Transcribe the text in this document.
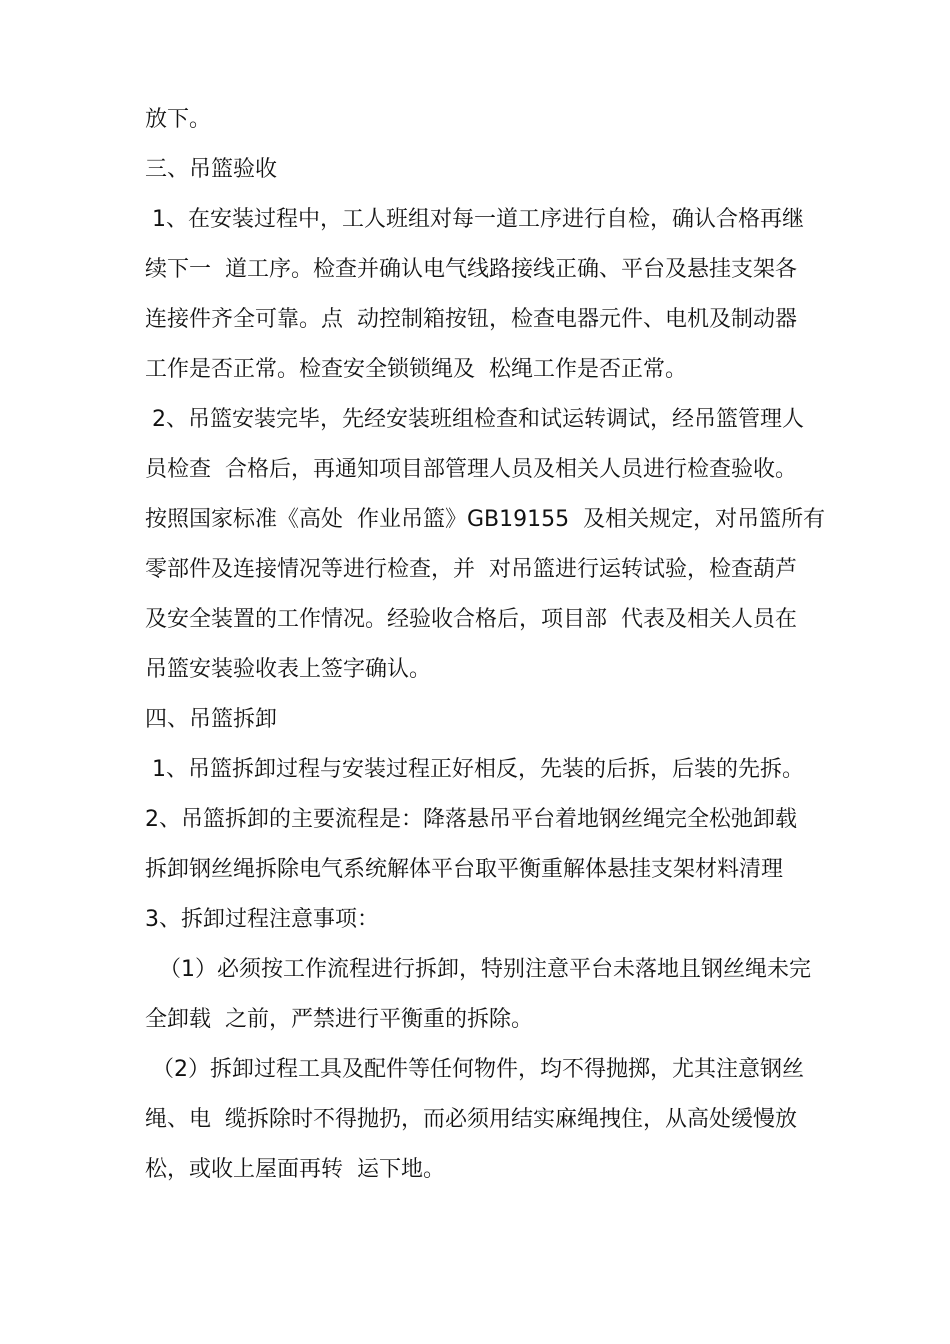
放下。
三、吊篮验收
1、在安装过程中，工人班组对每一道工序进行自检，确认合格再继
续下一  道工序。检查并确认电气线路接线正确、平台及悬挂支架各
连接件齐全可靠。点  动控制箱按钮，检查电器元件、电机及制动器
工作是否正常。检查安全锁锁绳及  松绳工作是否正常。
2、吊篮安装完毕，先经安装班组检查和试运转调试，经吊篮管理人
员检查  合格后，再通知项目部管理人员及相关人员进行检查验收。
按照国家标准《高处  作业吊篮》GB19155  及相关规定，对吊篮所有
零部件及连接情况等进行检查，并  对吊篮进行运转试验，检查葫芦
及安全装置的工作情况。经验收合格后，项目部  代表及相关人员在
吊篮安装验收表上签字确认。
四、吊篮拆卸
1、吊篮拆卸过程与安装过程正好相反，先装的后拆，后装的先拆。
2、吊篮拆卸的主要流程是：降落悬吊平台着地钢丝绳完全松弛卸载
拆卸钢丝绳拆除电气系统解体平台取平衡重解体悬挂支架材料清理
3、拆卸过程注意事项：
（1）必须按工作流程进行拆卸，特别注意平台未落地且钢丝绳未完
全卸载  之前，严禁进行平衡重的拆除。
（2）拆卸过程工具及配件等任何物件，均不得抛掷，尤其注意钢丝
绳、电  缆拆除时不得抛扔，而必须用结实麻绳拽住，从高处缓慢放
松，或收上屋面再转  运下地。
